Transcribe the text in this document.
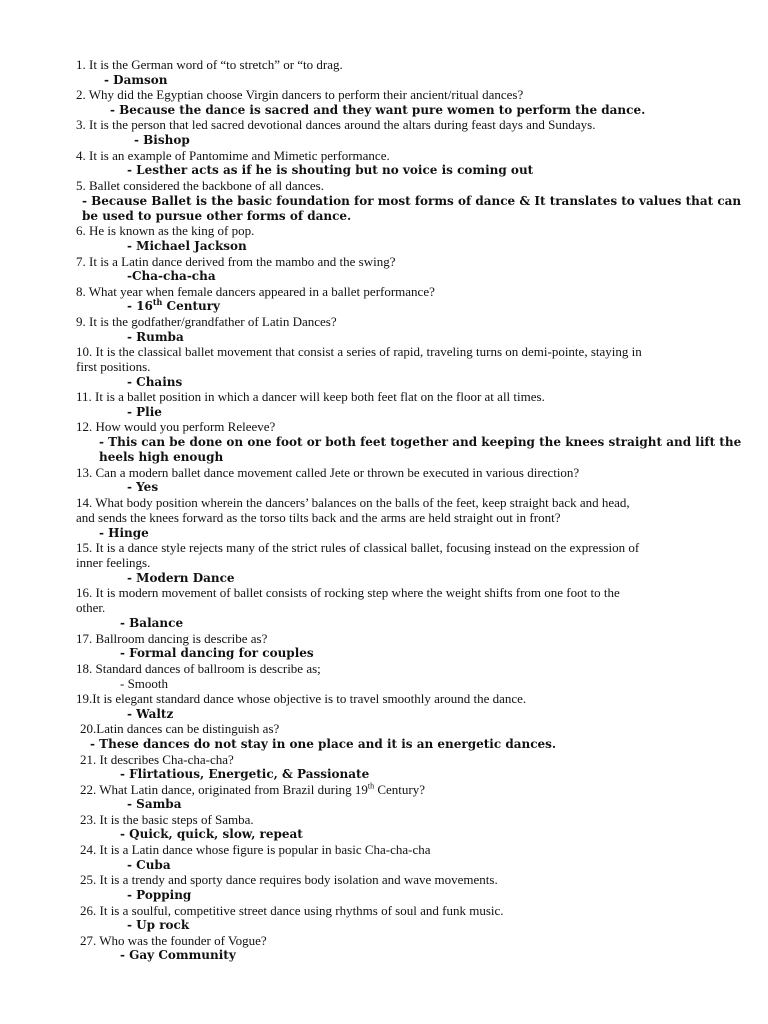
1. It is the German word of “to stretch” or “to drag.
- Damson
2. Why did the Egyptian choose Virgin dancers to perform their ancient/ritual dances?
- Because the dance is sacred and they want pure women to perform the dance.
3. It is the person that led sacred devotional dances around the altars during feast days and Sundays.
- Bishop
4. It is an example of Pantomime and Mimetic performance.
- Lesther acts as if he is shouting but no voice is coming out
5. Ballet considered the backbone of all dances.
- Because Ballet is the basic foundation for most forms of dance & It translates to values that can
be used to pursue other forms of dance.
6. He is known as the king of pop.
- Michael Jackson
7. It is a Latin dance derived from the mambo and the swing?
-Cha-cha-cha
8. What year when female dancers appeared in a ballet performance?
- 16th Century
9. It is the godfather/grandfather of Latin Dances?
- Rumba
10. It is the classical ballet movement that consist a series of rapid, traveling turns on demi-pointe, staying in
first positions.
- Chains
11. It is a ballet position in which a dancer will keep both feet flat on the floor at all times.
- Plie
12. How would you perform Releeve?
- This can be done on one foot or both feet together and keeping the knees straight and lift the
heels high enough
13. Can a modern ballet dance movement called Jete or thrown be executed in various direction?
- Yes
14. What body position wherein the dancers’ balances on the balls of the feet, keep straight back and head,
and sends the knees forward as the torso tilts back and the arms are held straight out in front?
- Hinge
15. It is a dance style rejects many of the strict rules of classical ballet, focusing instead on the expression of
inner feelings.
- Modern Dance
16. It is modern movement of ballet consists of rocking step where the weight shifts from one foot to the
other.
- Balance
17. Ballroom dancing is describe as?
- Formal dancing for couples
18. Standard dances of ballroom is describe as;
- Smooth
19.It is elegant standard dance whose objective is to travel smoothly around the dance.
- Waltz
20.Latin dances can be distinguish as?
- These dances do not stay in one place and it is an energetic dances.
21. It describes Cha-cha-cha?
- Flirtatious, Energetic, & Passionate
22. What Latin dance, originated from Brazil during 19th Century?
- Samba
23. It is the basic steps of Samba.
- Quick, quick, slow, repeat
24. It is a Latin dance whose figure is popular in basic Cha-cha-cha
- Cuba
25. It is a trendy and sporty dance requires body isolation and wave movements.
- Popping
26. It is a soulful, competitive street dance using rhythms of soul and funk music.
- Up rock
27. Who was the founder of Vogue?
- Gay Community
